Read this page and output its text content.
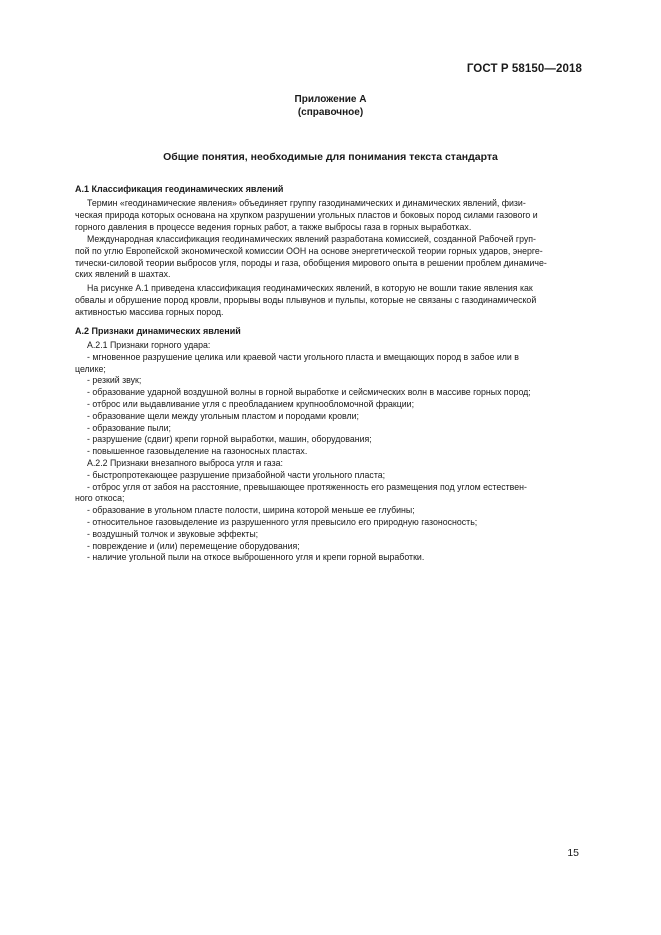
ГОСТ Р 58150—2018
Приложение А
(справочное)
Общие понятия, необходимые для понимания текста стандарта
А.1 Классификация геодинамических явлений
Термин «геодинамические явления» объединяет группу газодинамических и динамических явлений, физи-
ческая природа которых основана на хрупком разрушении угольных пластов и боковых пород силами газового и
горного давления в процессе ведения горных работ, а также выбросы газа в горных выработках.
Международная классификация геодинамических явлений разработана комиссией, созданной Рабочей груп-
пой по углю Европейской экономической комиссии ООН на основе энергетической теории горных ударов, энерге-
тически-силовой теории выбросов угля, породы и газа, обобщения мирового опыта в решении проблем динамиче-
ских явлений в шахтах.
На рисунке А.1 приведена классификация геодинамических явлений, в которую не вошли такие явления как
обвалы и обрушение пород кровли, прорывы воды плывунов и пульпы, которые не связаны с газодинамической
активностью массива горных пород.
А.2 Признаки динамических явлений
А.2.1 Признаки горного удара:
- мгновенное разрушение целика или краевой части угольного пласта и вмещающих пород в забое или в
целике;
- резкий звук;
- образование ударной воздушной волны в горной выработке и сейсмических волн в массиве горных пород;
- отброс или выдавливание угля с преобладанием крупнообломочной фракции;
- образование щели между угольным пластом и породами кровли;
- образование пыли;
- разрушение (сдвиг) крепи горной выработки, машин, оборудования;
- повышенное газовыделение на газоносных пластах.
А.2.2 Признаки внезапного выброса угля и газа:
- быстропротекающее разрушение призабойной части угольного пласта;
- отброс угля от забоя на расстояние, превышающее протяженность его размещения под углом естествен-
ного откоса;
- образование в угольном пласте полости, ширина которой меньше ее глубины;
- относительное газовыделение из разрушенного угля превысило его природную газоносность;
- воздушный толчок и звуковые эффекты;
- повреждение и (или) перемещение оборудования;
- наличие угольной пыли на откосе выброшенного угля и крепи горной выработки.
15
